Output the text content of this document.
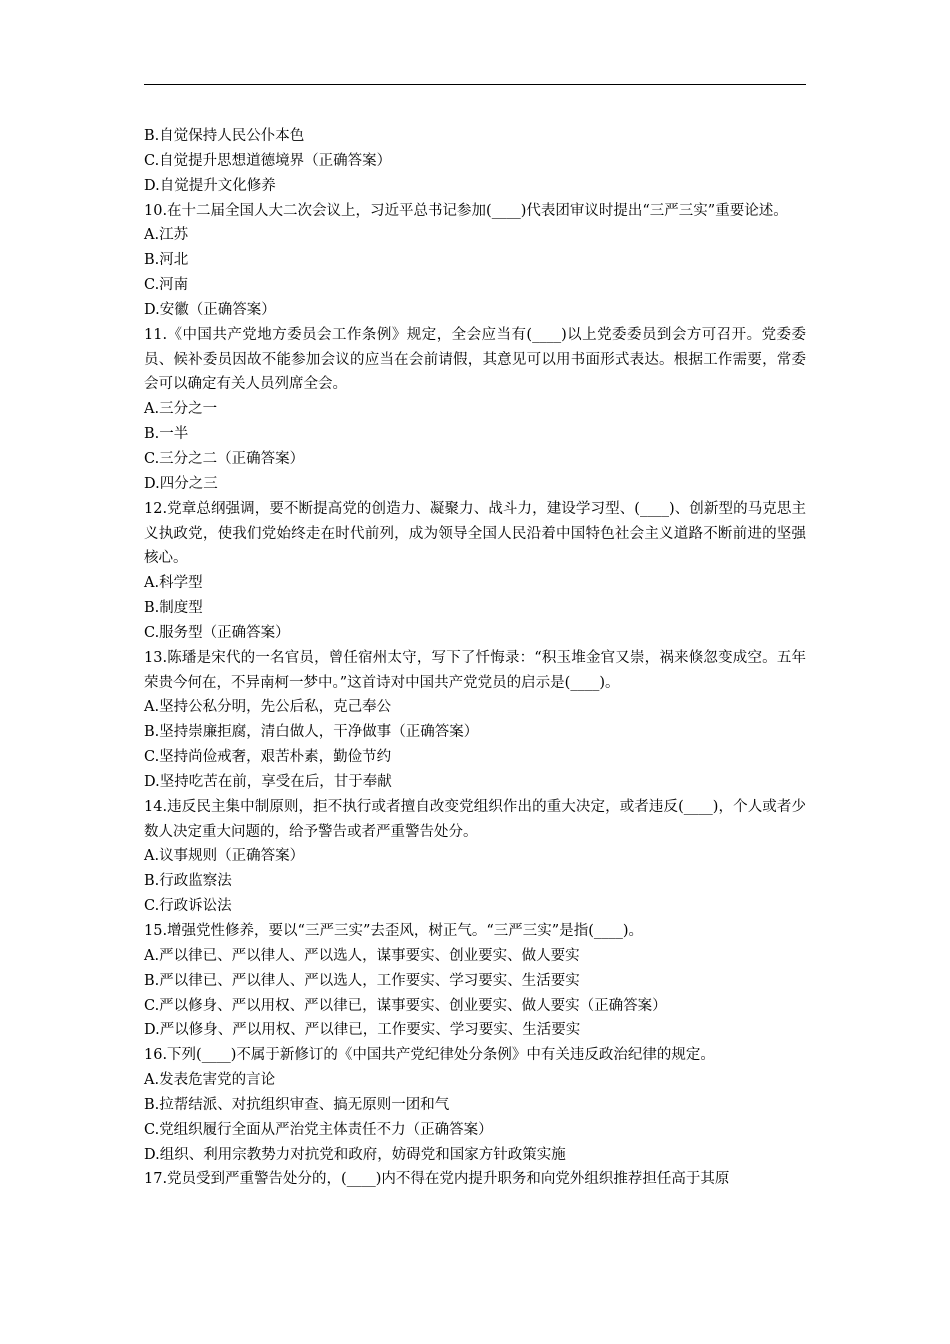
B.自觉保持人民公仆本色
C.自觉提升思想道德境界（正确答案）
D.自觉提升文化修养
10.在十二届全国人大二次会议上，习近平总书记参加(____)代表团审议时提出“三严三实”重要论述。
A.江苏
B.河北
C.河南
D.安徽（正确答案）
11.《中国共产党地方委员会工作条例》规定，全会应当有(____)以上党委委员到会方可召开。党委委员、候补委员因故不能参加会议的应当在会前请假，其意见可以用书面形式表达。根据工作需要，常委会可以确定有关人员列席全会。
A.三分之一
B.一半
C.三分之二（正确答案）
D.四分之三
12.党章总纲强调，要不断提高党的创造力、凝聚力、战斗力，建设学习型、(____)、创新型的马克思主义执政党，使我们党始终走在时代前列，成为领导全国人民沿着中国特色社会主义道路不断前进的坚强核心。
A.科学型
B.制度型
C.服务型（正确答案）
13.陈璠是宋代的一名官员，曾任宿州太守，写下了忏悔录：“积玉堆金官又崇，祸来倏忽变成空。五年荣贵今何在，不异南柯一梦中。”这首诗对中国共产党党员的启示是(____)。
A.坚持公私分明，先公后私，克己奉公
B.坚持崇廉拒腐，清白做人，干净做事（正确答案）
C.坚持尚俭戒奢，艰苦朴素，勤俭节约
D.坚持吃苦在前，享受在后，甘于奉献
14.违反民主集中制原则，拒不执行或者擅自改变党组织作出的重大决定，或者违反(____)，个人或者少数人决定重大问题的，给予警告或者严重警告处分。
A.议事规则（正确答案）
B.行政监察法
C.行政诉讼法
15.增强党性修养，要以“三严三实”去歪风，树正气。“三严三实”是指(____)。
A.严以律已、严以律人、严以选人，谋事要实、创业要实、做人要实
B.严以律已、严以律人、严以选人，工作要实、学习要实、生活要实
C.严以修身、严以用权、严以律已，谋事要实、创业要实、做人要实（正确答案）
D.严以修身、严以用权、严以律已，工作要实、学习要实、生活要实
16.下列(____)不属于新修订的《中国共产党纪律处分条例》中有关违反政治纪律的规定。
A.发表危害党的言论
B.拉帮结派、对抗组织审查、搞无原则一团和气
C.党组织履行全面从严治党主体责任不力（正确答案）
D.组织、利用宗教势力对抗党和政府，妨碍党和国家方针政策实施
17.党员受到严重警告处分的，(____)内不得在党内提升职务和向党外组织推荐担任高于其原
